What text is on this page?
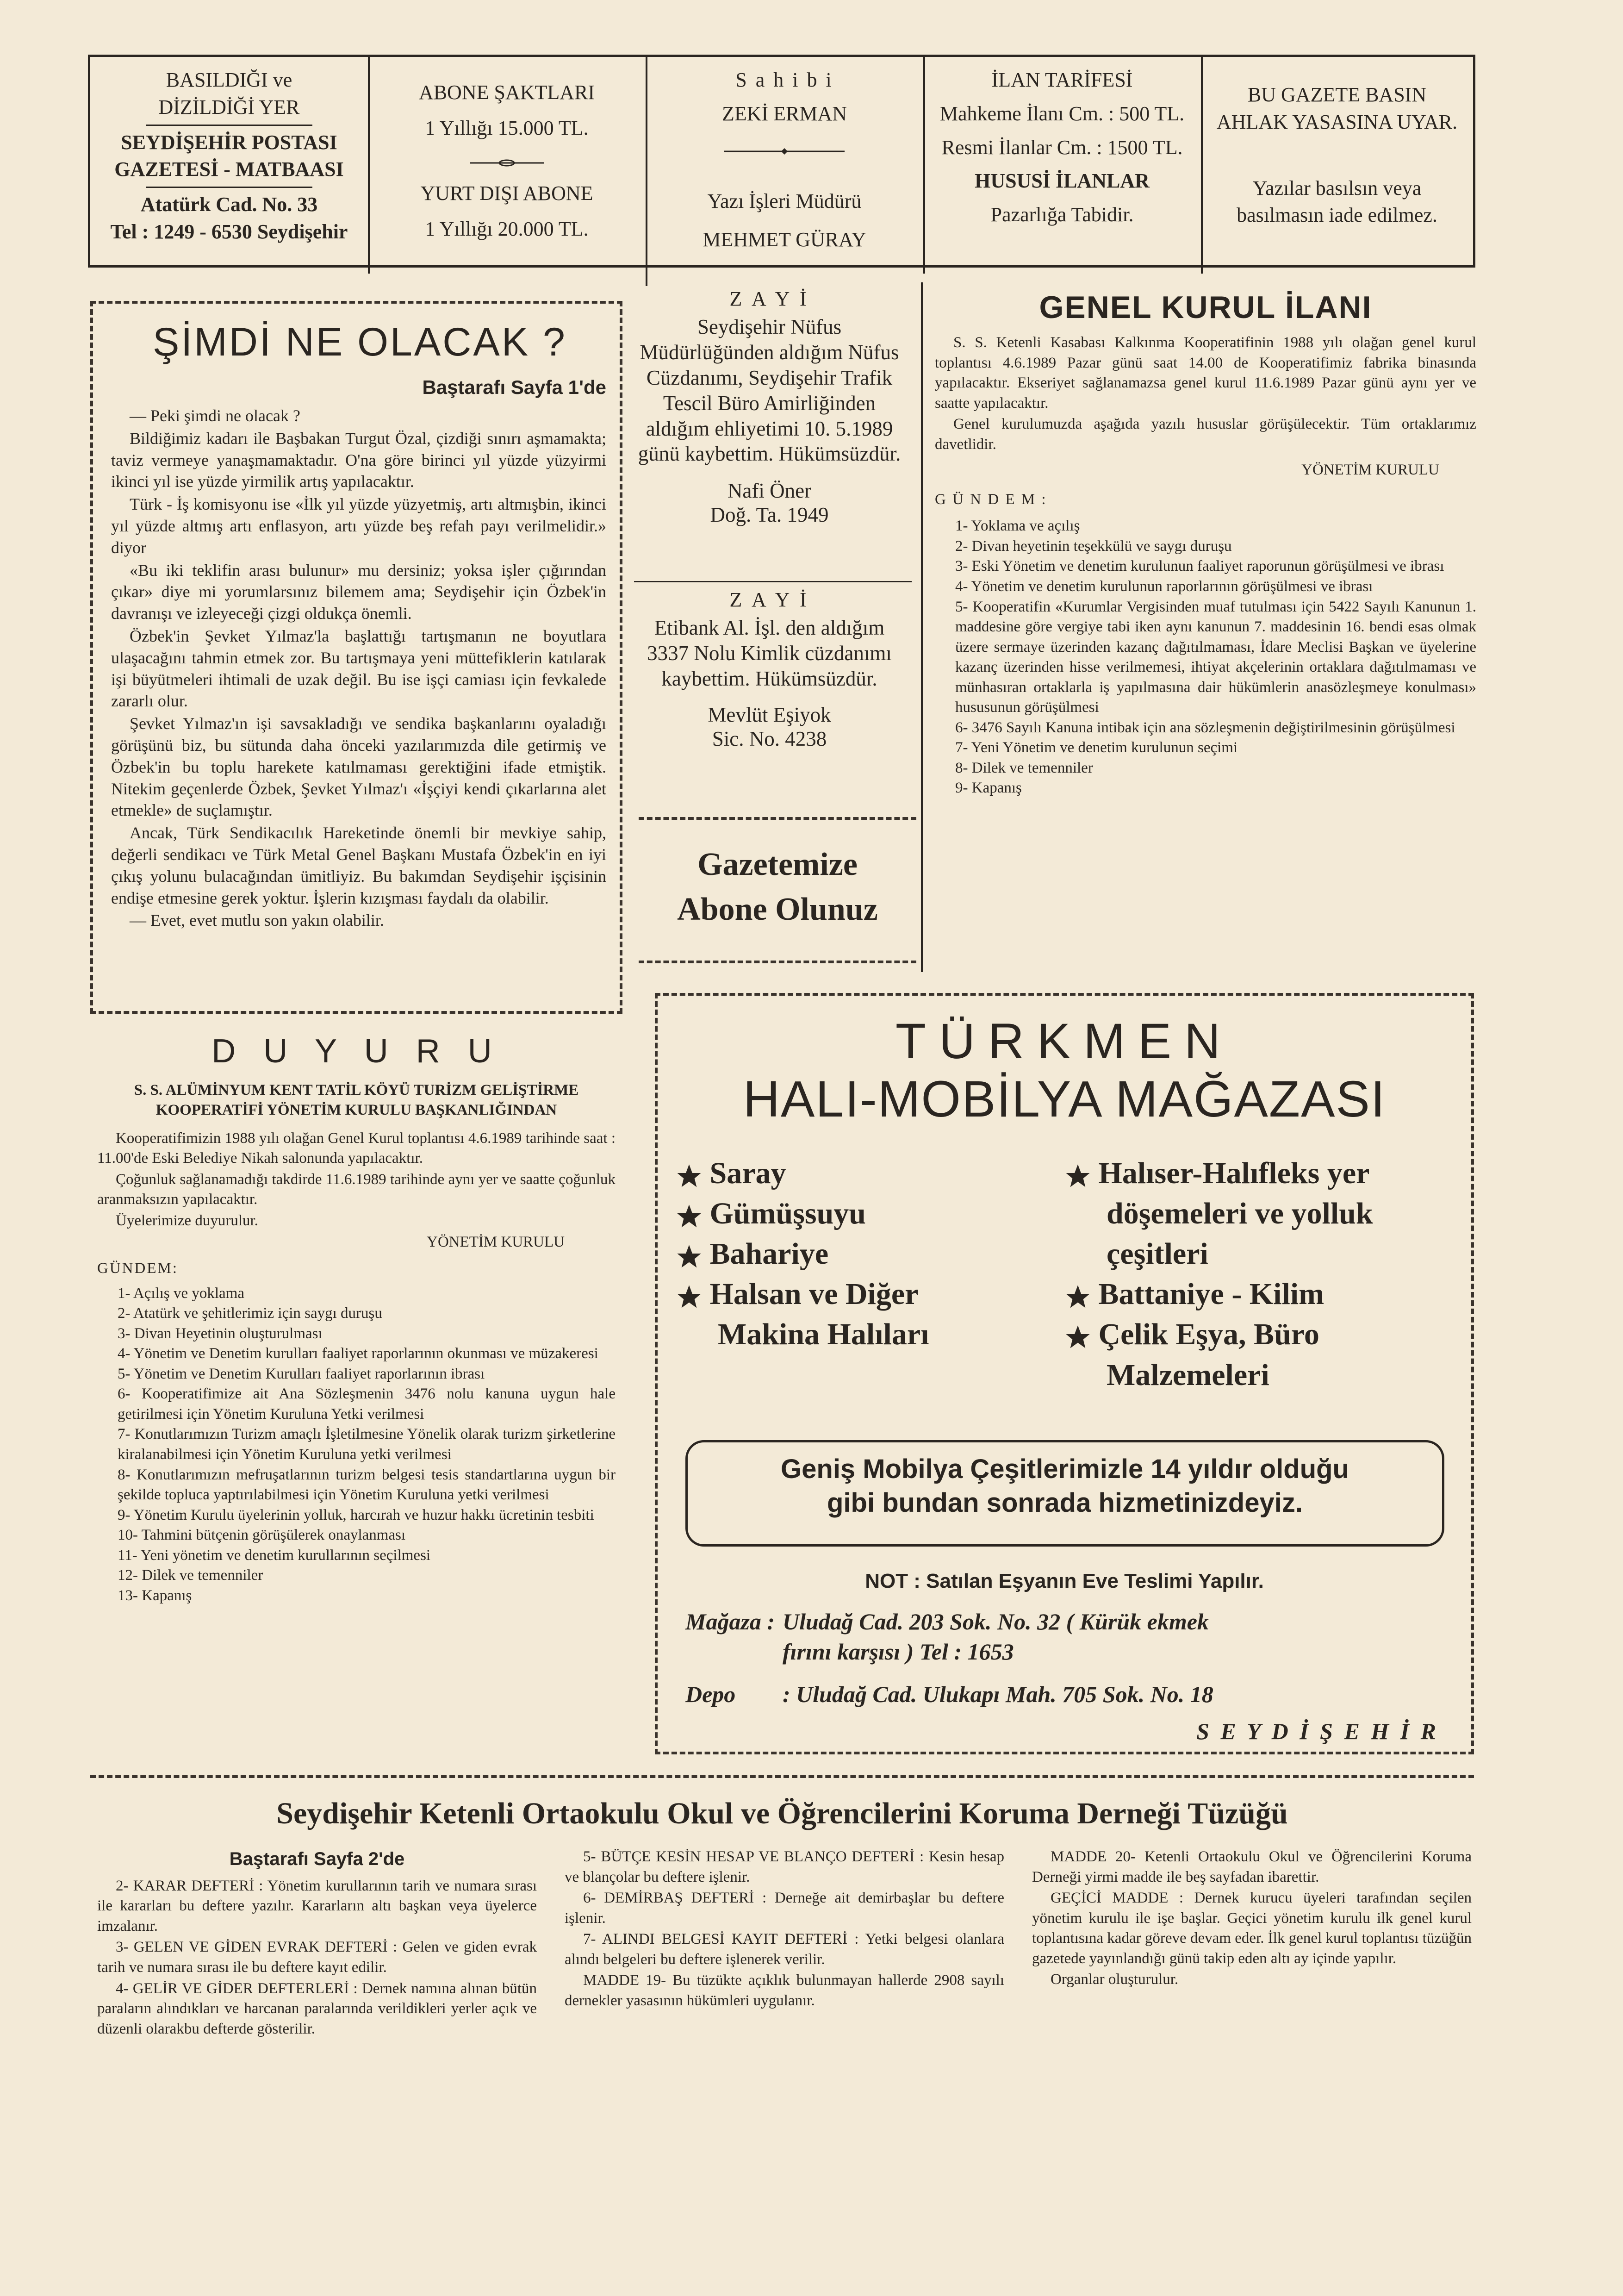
BASILDIĞI ve
DİZİLDİĞİ YER
SEYDİŞEHİR POSTASI
GAZETESİ - MATBAASI
Atatürk Cad. No. 33
Tel : 1249 - 6530 Seydişehir
ABONE ŞAKTLARI
1 Yıllığı 15.000 TL.
YURT DIŞI ABONE
1 Yıllığı 20.000 TL.
S a h i b i
ZEKİ ERMAN
Yazı İşleri Müdürü
MEHMET GÜRAY
İLAN TARİFESİ
Mahkeme İlanı Cm. : 500 TL.
Resmi İlanlar Cm. : 1500 TL.
HUSUSİ İLANLAR
Pazarlığa Tabidir.
BU GAZETE BASIN
AHLAK YASASINA UYAR.
Yazılar basılsın veya
basılmasın iade edilmez.
ŞİMDİ NE OLACAK ?
Baştarafı Sayfa 1'de

— Peki şimdi ne olacak ?

Bildiğimiz kadarı ile Başbakan Turgut Özal, çizdiği sınırı aşmamakta; taviz vermeye yanaşmamaktadır. O'na göre birinci yıl yüzde yüzyirmi ikinci yıl ise yüzde yirmilik artış yapılacaktır.

Türk - İş komisyonu ise «İlk yıl yüzde yüzyetmiş, artı altmışbin, ikinci yıl yüzde altmış artı enflasyon, artı yüzde beş refah payı verilmelidir.» diyor

«Bu iki teklifin arası bulunur» mu dersiniz; yoksa işler çığırından çıkar» diye mi yorumlarsınız bilemem ama; Seydişehir için Özbek'in davranışı ve izleyeceği çizgi oldukça önemli.

Özbek'in Şevket Yılmaz'la başlattığı tartışmanın ne boyutlara ulaşacağını tahmin etmek zor. Bu tartışmaya yeni müttefiklerin katılarak işi büyütmeleri ihtimali de uzak değil. Bu ise işçi camiası için fevkalede zararlı olur.

Şevket Yılmaz'ın işi savsakladığı ve sendika başkanlarını oyaladığı görüşünü biz, bu sütunda daha önceki yazılarımızda dile getirmiş ve Özbek'in bu toplu harekete katılmaması gerektiğini ifade etmiştik. Nitekim geçenlerde Özbek, Şevket Yılmaz'ı «İşçiyi kendi çıkarlarına alet etmekle» de suçlamıştır.

Ancak, Türk Sendikacılık Hareketinde önemli bir mevkiye sahip, değerli sendikacı ve Türk Metal Genel Başkanı Mustafa Özbek'in en iyi çıkış yolunu bulacağından ümitliyiz. Bu bakımdan Seydişehir işçisinin endişe etmesine gerek yoktur. İşlerin kızışması faydalı da olabilir.

— Evet, evet mutlu son yakın olabilir.

Z A Y İ
Seydişehir Nüfus Müdürlüğünden aldığım Nüfus Cüzdanımı, Seydişehir Trafik Tescil Büro Amirliğinden aldığım ehliyetimi 10. 5.1989 günü kaybettim. Hükümsüzdür.
Nafi Öner
Doğ. Ta. 1949
Z A Y İ
Etibank Al. İşl. den aldığım 3337 Nolu Kimlik cüzdanımı kaybettim. Hükümsüzdür.
Mevlüt Eşiyok
Sic. No. 4238
Gazetemize
Abone Olunuz
GENEL KURUL İLANI

S. S. Ketenli Kasabası Kalkınma Kooperatifinin 1988 yılı olağan genel kurul toplantısı 4.6.1989 Pazar günü saat 14.00 de Kooperatifimiz fabrika binasında yapılacaktır. Ekseriyet sağlanamazsa genel kurul 11.6.1989 Pazar günü aynı yer ve saatte yapılacaktır.

Genel kurulumuzda aşağıda yazılı hususlar görüşülecektir. Tüm ortaklarımız davetlidir.

YÖNETİM KURULU
G Ü N D E M :

1- Yoklama ve açılış

2- Divan heyetinin teşekkülü ve saygı duruşu

3- Eski Yönetim ve denetim kurulunun faaliyet raporunun görüşülmesi ve ibrası

4- Yönetim ve denetim kurulunun raporlarının görüşülmesi ve ibrası

5- Kooperatifin «Kurumlar Vergisinden muaf tutulması için 5422 Sayılı Kanunun 1. maddesine göre vergiye tabi iken aynı kanunun 7. maddesinin 16. bendi esas olmak üzere sermaye üzerinden kazanç dağıtılmaması, İdare Meclisi Başkan ve üyelerine kazanç üzerinden hisse verilmemesi, ihtiyat akçelerinin ortaklara dağıtılmaması ve münhasıran ortaklarla iş yapılmasına dair hükümlerin anasözleşmeye konulması» hususunun görüşülmesi

6- 3476 Sayılı Kanuna intibak için ana sözleşmenin değiştirilmesinin görüşülmesi

7- Yeni Yönetim ve denetim kurulunun seçimi

8- Dilek ve temenniler

9- Kapanış

D U Y U R U
S. S. ALÜMİNYUM KENT TATİL KÖYÜ TURİZM GELİŞTİRME KOOPERATİFİ YÖNETİM KURULU BAŞKANLIĞINDAN

Kooperatifimizin 1988 yılı olağan Genel Kurul toplantısı 4.6.1989 tarihinde saat : 11.00'de Eski Belediye Nikah salonunda yapılacaktır.

Çoğunluk sağlanamadığı takdirde 11.6.1989 tarihinde aynı yer ve saatte çoğunluk aranmaksızın yapılacaktır.

Üyelerimize duyurulur.

YÖNETİM KURULU
GÜNDEM:

1- Açılış ve yoklama

2- Atatürk ve şehitlerimiz için saygı duruşu

3- Divan Heyetinin oluşturulması

4- Yönetim ve Denetim kurulları faaliyet raporlarının okunması ve müzakeresi

5- Yönetim ve Denetim Kurulları faaliyet raporlarının ibrası

6- Kooperatifimize ait Ana Sözleşmenin 3476 nolu kanuna uygun hale getirilmesi için Yönetim Kuruluna Yetki verilmesi

7- Konutlarımızın Turizm amaçlı İşletilmesine Yönelik olarak turizm şirketlerine kiralanabilmesi için Yönetim Kuruluna yetki verilmesi

8- Konutlarımızın mefruşatlarının turizm belgesi tesis standartlarına uygun bir şekilde topluca yaptırılabilmesi için Yönetim Kuruluna yetki verilmesi

9- Yönetim Kurulu üyelerinin yolluk, harcırah ve huzur hakkı ücretinin tesbiti

10- Tahmini bütçenin görüşülerek onaylanması

11- Yeni yönetim ve denetim kurullarının seçilmesi

12- Dilek ve temenniler

13- Kapanış

TÜRKMEN
HALI-MOBİLYA MAĞAZASI
Saray
Gümüşsuyu
Bahariye
Halsan ve Diğer
Makina Halıları
Halıser-Halıfleks yer
döşemeleri ve yolluk
çeşitleri
Battaniye - Kilim
Çelik Eşya, Büro
Malzemeleri
Geniş Mobilya Çeşitlerimizle 14 yıldır olduğu
gibi bundan sonrada hizmetinizdeyiz.
NOT : Satılan Eşyanın Eve Teslimi Yapılır.
Mağaza : Uludağ Cad. 203 Sok. No. 32 ( Kürük ekmek
fırını karşısı ) Tel : 1653
Depo : Uludağ Cad. Ulukapı Mah. 705 Sok. No. 18
S E Y D İ Ş E H İ R
Seydişehir Ketenli Ortaokulu Okul ve Öğrencilerini Koruma Derneği Tüzüğü
Baştarafı Sayfa 2'de

2- KARAR DEFTERİ : Yönetim kurullarının tarih ve numara sırası ile kararları bu deftere yazılır. Kararların altı başkan veya üyelerce imzalanır.

3- GELEN VE GİDEN EVRAK DEFTERİ : Gelen ve giden evrak tarih ve numara sırası ile bu deftere kayıt edilir.

4- GELİR VE GİDER DEFTERLERİ : Dernek namına alınan bütün paraların alındıkları ve harcanan paralarında verildikleri yerler açık ve düzenli olarakbu defterde gösterilir.

5- BÜTÇE KESİN HESAP VE BLANÇO DEFTERİ : Kesin hesap ve blançolar bu deftere işlenir.

6- DEMİRBAŞ DEFTERİ : Derneğe ait demirbaşlar bu deftere işlenir.

7- ALINDI BELGESİ KAYIT DEFTERİ : Yetki belgesi olanlara alındı belgeleri bu deftere işlenerek verilir.

MADDE 19- Bu tüzükte açıklık bulunmayan hallerde 2908 sayılı dernekler yasasının hükümleri uygulanır.

MADDE 20- Ketenli Ortaokulu Okul ve Öğrencilerini Koruma Derneği yirmi madde ile beş sayfadan ibarettir.

GEÇİCİ MADDE : Dernek kurucu üyeleri tarafından seçilen yönetim kurulu ile işe başlar. Geçici yönetim kurulu ilk genel kurul toplantısına kadar göreve devam eder. İlk genel kurul toplantısı tüzüğün gazetede yayınlandığı günü takip eden altı ay içinde yapılır.

Organlar oluşturulur.
